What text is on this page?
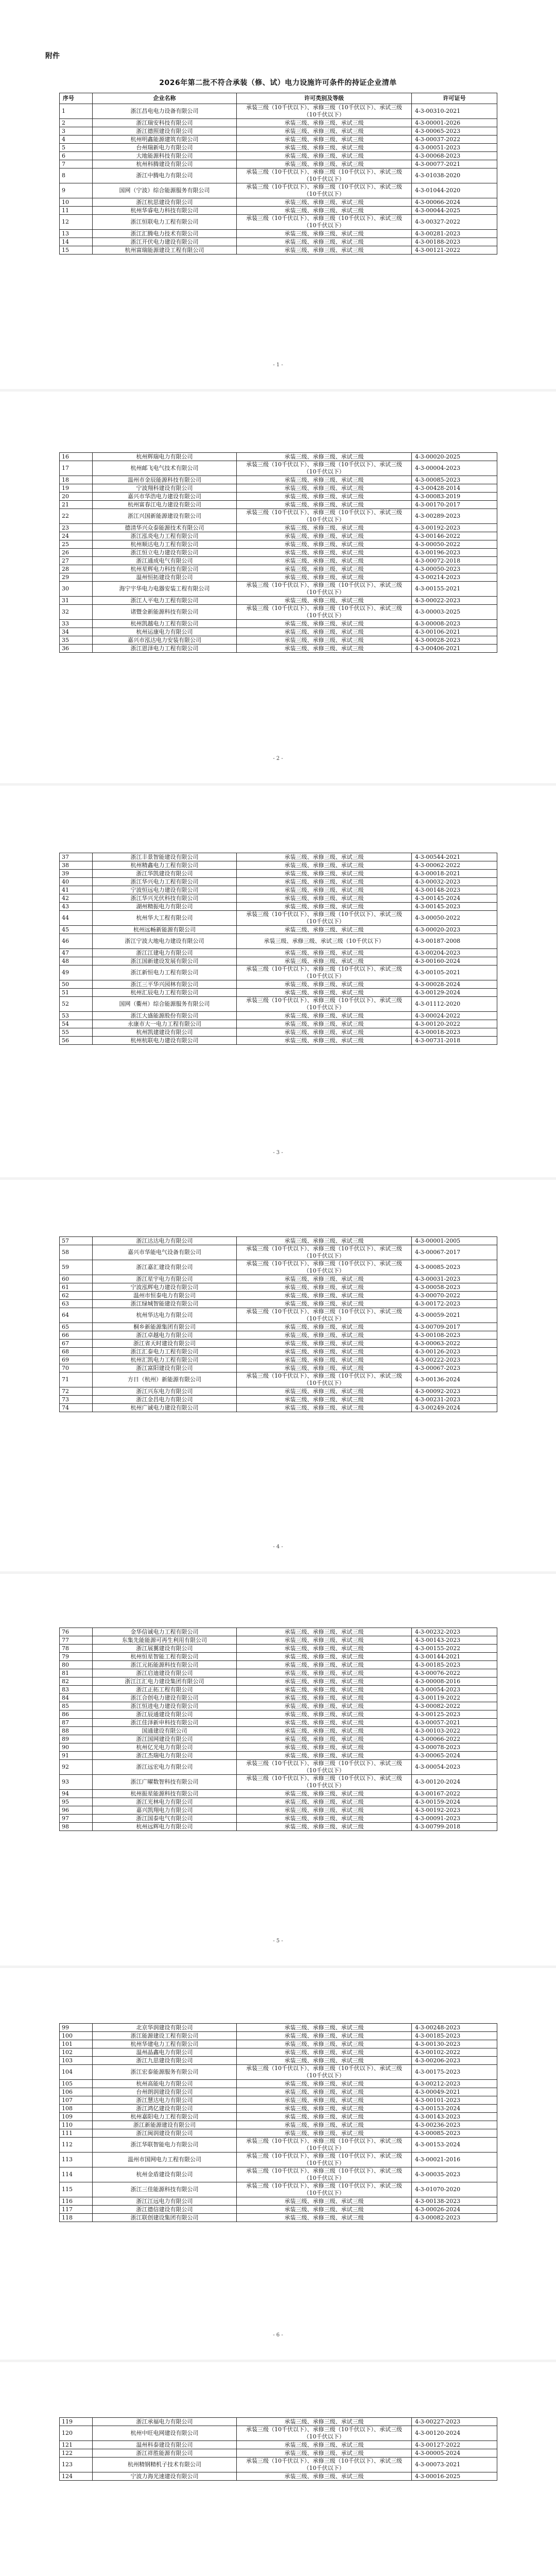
附件
2026年第二批不符合承装（修、试）电力设施许可条件的持证企业清单
序号	企业名称	许可类别及等级	许可证号
1	浙江昌电电力设备有限公司	承装三级（10千伏以下）、承修三级（10千伏以下）、承试三级（10千伏以下）	4-3-00310-2021
2	浙江瑞安科技有限公司	承装三级、承修三级、承试三级	4-3-00001-2026
3	浙江德照建设有限公司	承装三级、承修三级、承试三级	4-3-00065-2023
4	杭州明鑫能源建筑有限公司	承装三级、承修三级、承试三级	4-3-00037-2022
5	台州瑞新电力有限公司	承装三级、承修三级、承试三级	4-3-00051-2023
6	大地能源科技有限公司	承装三级、承修三级、承试三级	4-3-00068-2023
7	杭州科腾建设有限公司	承装三级、承修三级、承试三级	4-3-00077-2021
8	浙江中腾电力有限公司	承装三级（10千伏以下）、承修三级（10千伏以下）、承试三级（10千伏以下）	4-3-01038-2020
9	国网（宁波）综合能源服务有限公司	承装三级（10千伏以下）、承修三级（10千伏以下）、承试三级（10千伏以下）	4-3-01044-2020
10	浙江杭思建设有限公司	承装三级、承修三级、承试三级	4-3-00066-2024
11	杭州华睿电力科技有限公司	承装三级、承修三级、承试三级	4-3-00044-2025
12	浙江恒联电力工程有限公司	承装三级（10千伏以下）、承修三级（10千伏以下）、承试三级（10千伏以下）	4-3-00327-2022
13	浙江汇腾电力技术有限公司	承装三级、承修三级、承试三级	4-3-00281-2023
14	浙江开伏电力建设有限公司	承装三级、承修三级、承试三级	4-3-00188-2023
15	杭州富瑞能源建设工程有限公司	承装三级、承修三级、承试三级	4-3-00121-2022
- 1 -
16	杭州辉瑞电力有限公司	承装三级、承修三级、承试三级	4-3-00020-2025
17	杭州邮飞电气技术有限公司	承装三级（10千伏以下）、承修三级（10千伏以下）、承试三级（10千伏以下）	4-3-00004-2023
18	温州市金辰能源科技有限公司	承装三级、承修三级、承试三级	4-3-00085-2023
19	宁波翔科建设有限公司	承装三级、承修三级、承试三级	4-3-00428-2014
20	嘉兴市华浩电力建设有限公司	承装三级、承修三级、承试三级	4-3-00083-2019
21	杭州富春江电力建设有限公司	承装三级、承修三级、承试三级	4-3-00170-2017
22	浙江兴国新能源建设有限公司	承装三级（10千伏以下）、承修三级（10千伏以下）、承试三级（10千伏以下）	4-3-00289-2023
23	德清华兴众泰能源技术有限公司	承装三级、承修三级、承试三级	4-3-00192-2023
24	浙江泓炎电力工程有限公司	承装三级、承修三级、承试三级	4-3-00146-2022
25	杭州顺达电力工程有限公司	承装三级、承修三级、承试三级	4-3-00050-2022
26	浙江恒立电力建设有限公司	承装三级、承修三级、承试三级	4-3-00196-2023
27	浙江通成电气有限公司	承装三级、承修三级、承试三级	4-3-00072-2018
28	杭州星辉电力科技有限公司	承装三级、承修三级、承试三级	4-3-00050-2023
29	温州恒拓建设有限公司	承装三级、承修三级、承试三级	4-3-00214-2023
30	海宁宇华电力电器安装工程有限公司	承装三级（10千伏以下）、承修三级（10千伏以下）、承试三级（10千伏以下）	4-3-00155-2021
31	浙江人平电力工程有限公司	承装三级、承修三级、承试三级	4-3-00022-2023
32	诸暨金新能源科技有限公司	承装三级（10千伏以下）、承修三级（10千伏以下）、承试三级（10千伏以下）	4-3-00003-2025
33	杭州凯越电力工程有限公司	承装三级、承修三级、承试三级	4-3-00008-2023
34	杭州运康电力有限公司	承装三级、承修三级、承试三级	4-3-00106-2021
35	嘉兴市泓达电力安装有限公司	承装三级、承修三级、承试三级	4-3-00028-2023
36	浙江恩泽电力工程有限公司	承装三级、承修三级、承试三级	4-3-00406-2021
- 2 -
37	浙江丰景智能建设有限公司	承装三级、承修三级、承试三级	4-3-00544-2021
38	杭州精鑫电力工程有限公司	承装三级、承修三级、承试三级	4-3-00062-2022
39	浙江华凯建设有限公司	承装三级、承修三级、承试三级	4-3-00018-2021
40	浙江华兴电力工程有限公司	承装三级、承修三级、承试三级	4-3-00032-2023
41	宁波恒远电力建设有限公司	承装三级、承修三级、承试三级	4-3-00148-2023
42	浙江华兴光伏科技有限公司	承装三级、承修三级、承试三级	4-3-00145-2024
43	湖州精振电力有限公司	承装三级、承修三级、承试三级	4-3-00145-2023
44	杭州华大工程有限公司	承装三级（10千伏以下）、承修三级（10千伏以下）、承试三级（10千伏以下）	4-3-00050-2022
45	杭州远畅新能源有限公司	承装三级、承修三级、承试三级	4-3-00020-2023
46	浙江宁波大地电力建设有限公司	承装三级、承修三级、承试三级（10千伏以下）	4-3-00187-2008
47	浙江江建电力有限公司	承装三级、承修三级、承试三级	4-3-00204-2023
48	浙江国新建设发展有限公司	承装三级、承修三级、承试三级	4-3-00160-2024
49	浙江新恒电力工程有限公司	承装三级（10千伏以下）、承修三级（10千伏以下）、承试三级（10千伏以下）	4-3-00105-2021
50	浙江三平华兴园林有限公司	承装三级、承修三级、承试三级	4-3-00028-2024
51	杭州汇辰电力工程有限公司	承装三级、承修三级、承试三级	4-3-00129-2024
52	国网（衢州）综合能源服务有限公司	承装三级（10千伏以下）、承修三级（10千伏以下）、承试三级（10千伏以下）	4-3-01112-2020
53	浙江大盛能源股份有限公司	承装三级、承修三级、承试三级	4-3-00024-2022
54	永康市大一电力工程有限公司	承装三级、承修三级、承试三级	4-3-00120-2022
55	杭州凯建建设有限公司	承装三级、承修三级、承试三级	4-3-00018-2023
56	杭州杭联电力建设有限公司	承装三级、承修三级、承试三级	4-3-00731-2018
- 3 -
57	浙江达达电力有限公司	承装三级、承修三级、承试三级	4-3-00001-2005
58	嘉兴市华能电气设备有限公司	承装三级（10千伏以下）、承修三级（10千伏以下）、承试三级（10千伏以下）	4-3-00067-2017
59	浙江嘉汇建设有限公司	承装三级（10千伏以下）、承修三级（10千伏以下）、承试三级（10千伏以下）	4-3-00085-2023
60	浙江星宇电力有限公司	承装三级、承修三级、承试三级	4-3-00031-2023
61	宁波泓辉电力建设有限公司	承装三级、承修三级、承试三级	4-3-00058-2023
62	温州市恒泰电力有限公司	承装三级、承修三级、承试三级	4-3-00070-2022
63	浙江绿城智能建设有限公司	承装三级、承修三级、承试三级	4-3-00172-2023
64	杭州华达电力有限公司	承装三级（10千伏以下）、承修三级（10千伏以下）、承试三级（10千伏以下）	4-3-00059-2021
65	桐乡新能源集团有限公司	承装三级、承修三级、承试三级	4-3-00709-2017
66	浙江卓越电力有限公司	承装三级、承修三级、承试三级	4-3-00108-2023
67	浙江省天时建设有限公司	承装三级、承修三级、承试三级	4-3-00063-2022
68	浙江汇泰电力工程有限公司	承装三级、承修三级、承试三级	4-3-00126-2023
69	杭州汇凯电力工程有限公司	承装三级、承修三级、承试三级	4-3-00222-2023
70	浙江富阳建设有限公司	承装三级、承修三级、承试三级	4-3-00067-2023
71	方日（杭州）新能源有限公司	承装三级（10千伏以下）、承修三级（10千伏以下）、承试三级（10千伏以下）	4-3-00136-2024
72	浙江兴东电力有限公司	承装三级、承修三级、承试三级	4-3-00092-2023
73	浙江金昌电力有限公司	承装三级、承修三级、承试三级	4-3-00231-2023
74	杭州广诚电力建设有限公司	承装三级、承修三级、承试三级	4-3-00249-2024
- 4 -
76	金华信诚电力工程有限公司	承装三级、承修三级、承试三级	4-3-00232-2023
77	东集先能能源可再生利用有限公司	承装三级、承修三级、承试三级	4-3-00143-2023
78	浙江展翼建设有限公司	承装三级、承修三级、承试三级	4-3-00155-2022
79	杭州恒星智能工程有限公司	承装三级、承修三级、承试三级	4-3-00144-2021
80	浙江元拓能源科技有限公司	承装三级、承修三级、承试三级	4-3-00185-2023
81	浙江启迪建设有限公司	承装三级、承修三级、承试三级	4-3-00076-2022
82	浙江江汇电力建设集团有限公司	承装三级、承修三级、承试三级	4-3-00008-2016
83	浙江正拓工程有限公司	承装三级、承修三级、承试三级	4-3-00054-2023
84	浙江合创电力建设有限公司	承装三级、承修三级、承试三级	4-3-00119-2022
85	浙江恒进电力建设有限公司	承装三级、承修三级、承试三级	4-3-00082-2022
86	浙江辰通建设有限公司	承装三级、承修三级、承试三级	4-3-00125-2023
87	浙江佳泽新申科技有限公司	承装三级、承修三级、承试三级	4-3-00057-2021
88	国通建设有限公司	承装三级、承修三级、承试三级	4-3-00103-2022
89	浙江国网建设有限公司	承装三级、承修三级、承试三级	4-3-00066-2022
90	杭州亿光电力有限公司	承装三级、承修三级、承试三级	4-3-00078-2023
91	浙江杰瑞电力有限公司	承装三级、承修三级、承试三级	4-3-00065-2024
92	浙江远宏电力有限公司	承装三级（10千伏以下）、承修三级（10千伏以下）、承试三级（10千伏以下）	4-3-00054-2023
93	浙江广曜数智科技有限公司	承装三级（10千伏以下）、承修三级（10千伏以下）、承试三级（10千伏以下）	4-3-00120-2024
94	杭州振星能源科技有限公司	承装三级、承修三级、承试三级	4-3-00167-2022
95	浙江光林电力有限公司	承装三级、承修三级、承试三级	4-3-00159-2024
96	嘉兴凯翔电力有限公司	承装三级、承修三级、承试三级	4-3-00192-2023
97	浙江国泰电气有限公司	承装三级、承修三级、承试三级	4-3-00091-2023
98	杭州远辉电力有限公司	承装三级、承修三级、承试三级	4-3-00799-2018
- 5 -
99	北京华润建设有限公司	承装三级、承修三级、承试三级	4-3-00248-2023
100	浙江能源建设工程有限公司	承装三级、承修三级、承试三级	4-3-00185-2023
101	杭州华建电力工程有限公司	承装三级、承修三级、承试三级	4-3-00130-2023
102	温州晶鑫电力有限公司	承装三级、承修三级、承试三级	4-3-00102-2022
103	浙江九思建设有限公司	承装三级、承修三级、承试三级	4-3-00206-2023
104	浙江宏泰能源服务有限公司	承装三级（10千伏以下）、承修三级（10千伏以下）、承试三级（10千伏以下）	4-3-00175-2023
105	杭州高能电力有限公司	承装三级、承修三级、承试三级	4-3-00212-2023
106	台州朗润建设有限公司	承装三级、承修三级、承试三级	4-3-00049-2021
107	浙江慧达电力有限公司	承装三级、承修三级、承试三级	4-3-00101-2023
108	浙江鸿亿建设有限公司	承装三级、承修三级、承试三级	4-3-00153-2024
109	杭州嘉阳电力工程有限公司	承装三级、承修三级、承试三级	4-3-00143-2023
110	浙江新能源建设有限公司	承装三级、承修三级、承试三级	4-3-00236-2023
111	浙江闽润建设有限公司	承装三级、承修三级、承试三级	4-3-00085-2023
112	浙江华联智能电力有限公司	承装三级（10千伏以下）、承修三级（10千伏以下）、承试三级（10千伏以下）	4-3-00153-2024
113	温州市国网电力工程有限公司	承装三级（10千伏以下）、承修三级（10千伏以下）、承试三级（10千伏以下）	4-3-00021-2016
114	杭州金盾建设有限公司	承装三级（10千伏以下）、承修三级（10千伏以下）、承试三级（10千伏以下）	4-3-00035-2023
115	浙江三佳能源科技有限公司	承装三级（10千伏以下）、承修三级（10千伏以下）、承试三级（10千伏以下）	4-3-01070-2020
116	浙江江远电力有限公司	承装三级、承修三级、承试三级	4-3-00138-2023
117	浙江德信建设有限公司	承装三级、承修三级、承试三级	4-3-00026-2024
118	浙江联创建设集团有限公司	承装三级、承修三级、承试三级	4-3-00082-2023
- 6 -
119	浙江承福电力有限公司	承装三级、承修三级、承试三级	4-3-00227-2023
120	杭州中旺电网建设有限公司	承装三级（10千伏以下）、承修三级（10千伏以下）、承试三级（10千伏以下）	4-3-00120-2024
121	温州科泰建设有限公司	承装三级、承修三级、承试三级	4-3-00127-2022
122	浙江祥胜能源有限公司	承装三级、承修三级、承试三级	4-3-00005-2024
123	杭州精钢精机子技术有限公司	承装三级（10千伏以下）、承修三级（10千伏以下）、承试三级（10千伏以下）	4-3-00073-2021
124	宁波力海光速建设有限公司	承装三级、承修三级、承试三级	4-3-00016-2025
